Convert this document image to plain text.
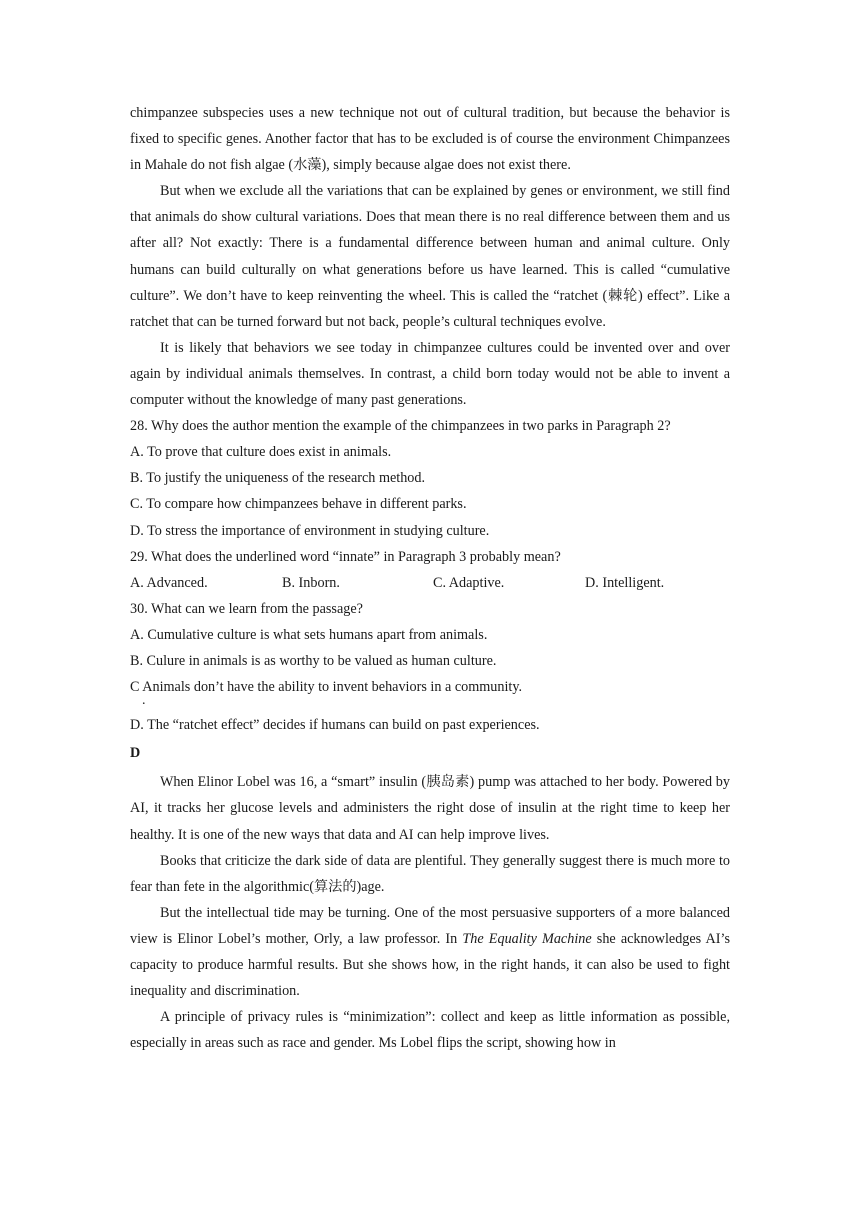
chimpanzee subspecies uses a new technique not out of cultural tradition, but because the behavior is fixed to specific genes. Another factor that has to be excluded is of course the environment Chimpanzees in Mahale do not fish algae (水藻), simply because algae does not exist there.

But when we exclude all the variations that can be explained by genes or environment, we still find that animals do show cultural variations. Does that mean there is no real difference between them and us after all? Not exactly: There is a fundamental difference between human and animal culture. Only humans can build culturally on what generations before us have learned. This is called “cumulative culture”. We don’t have to keep reinventing the wheel. This is called the “ratchet (棘轮) effect”. Like a ratchet that can be turned forward but not back, people’s cultural techniques evolve.

It is likely that behaviors we see today in chimpanzee cultures could be invented over and over again by individual animals themselves. In contrast, a child born today would not be able to invent a computer without the knowledge of many past generations.

28. Why does the author mention the example of the chimpanzees in two parks in Paragraph 2?

A. To prove that culture does exist in animals.

B. To justify the uniqueness of the research method.

C. To compare how chimpanzees behave in different parks.

D. To stress the importance of environment in studying culture.

29. What does the underlined word “innate” in Paragraph 3 probably mean?

A. Advanced.	B. Inborn.	C. Adaptive.	D. Intelligent.

30. What can we learn from the passage?

A. Cumulative culture is what sets humans apart from animals.

B. Culure in animals is as worthy to be valued as human culture.

C Animals don’t have the ability to invent behaviors in a community.

.

D. The “ratchet effect” decides if humans can build on past experiences.

D

When Elinor Lobel was 16, a “smart” insulin (胰岛素) pump was attached to her body. Powered by AI, it tracks her glucose levels and administers the right dose of insulin at the right time to keep her healthy. It is one of the new ways that data and AI can help improve lives.

Books that criticize the dark side of data are plentiful. They generally suggest there is much more to fear than fete in the algorithmic(算法的)age.

But the intellectual tide may be turning. One of the most persuasive supporters of a more balanced view is Elinor Lobel’s mother, Orly, a law professor. In The Equality Machine she acknowledges AI’s capacity to produce harmful results. But she shows how, in the right hands, it can also be used to fight inequality and discrimination.

A principle of privacy rules is “minimization”: collect and keep as little information as possible, especially in areas such as race and gender. Ms Lobel flips the script, showing how in
